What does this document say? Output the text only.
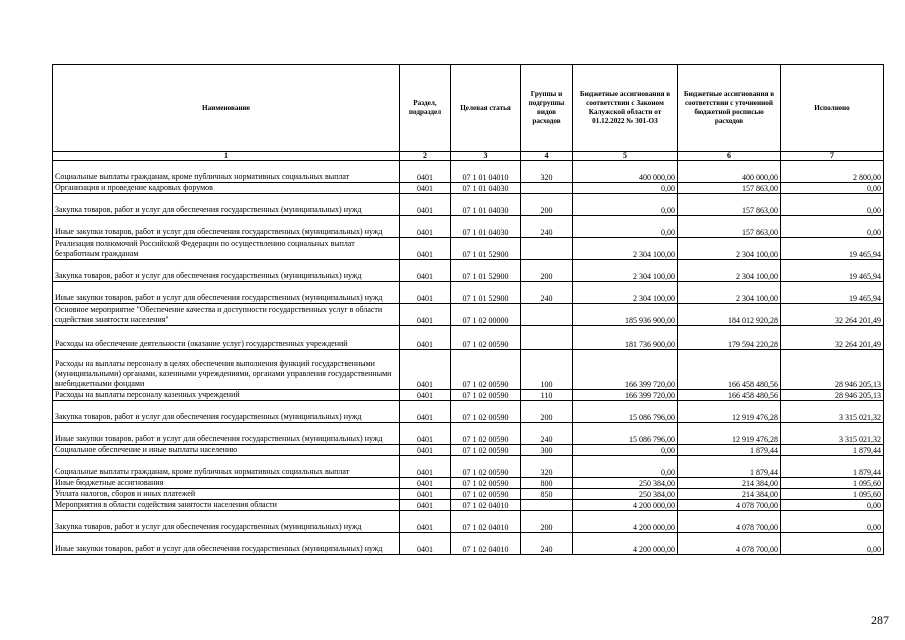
Наименование	Раздел, подраздел	Целевая статья	Группы и подгруппы видов расходов	Бюджетные ассигнования в соответствии с Законом Калужской области от 01.12.2022 № 301-ОЗ	Бюджетные ассигнования в соответствии с уточненной бюджетной росписью расходов	Исполнено
1	2	3	4	5	6	7
Социальные выплаты гражданам, кроме публичных нормативных социальных выплат	0401	07 1 01 04010	320	400 000,00	400 000,00	2 800,00
Организация и проведение кадровых форумов	0401	07 1 01 04030		0,00	157 863,00	0,00
Закупка товаров, работ и услуг для обеспечения государственных (муниципальных) нужд	0401	07 1 01 04030	200	0,00	157 863,00	0,00
Иные закупки товаров, работ и услуг для обеспечения государственных (муниципальных) нужд	0401	07 1 01 04030	240	0,00	157 863,00	0,00
Реализация полномочий Российской Федерации по осуществлению социальных выплат безработным гражданам	0401	07 1 01 52900		2 304 100,00	2 304 100,00	19 465,94
Закупка товаров, работ и услуг для обеспечения государственных (муниципальных) нужд	0401	07 1 01 52900	200	2 304 100,00	2 304 100,00	19 465,94
Иные закупки товаров, работ и услуг для обеспечения государственных (муниципальных) нужд	0401	07 1 01 52900	240	2 304 100,00	2 304 100,00	19 465,94
Основное мероприятие "Обеспечение качества и доступности государственных услуг в области содействия занятости населения"	0401	07 1 02 00000		185 936 900,00	184 012 920,28	32 264 201,49
Расходы на обеспечение деятельности (оказание услуг) государственных учреждений	0401	07 1 02 00590		181 736 900,00	179 594 220,28	32 264 201,49
Расходы на выплаты персоналу в целях обеспечения выполнения функций государственными (муниципальными) органами, казенными учреждениями, органами управления государственными внебюджетными фондами	0401	07 1 02 00590	100	166 399 720,00	166 458 480,56	28 946 205,13
Расходы на выплаты персоналу казенных учреждений	0401	07 1 02 00590	110	166 399 720,00	166 458 480,56	28 946 205,13
Закупка товаров, работ и услуг для обеспечения государственных (муниципальных) нужд	0401	07 1 02 00590	200	15 086 796,00	12 919 476,28	3 315 021,32
Иные закупки товаров, работ и услуг для обеспечения государственных (муниципальных) нужд	0401	07 1 02 00590	240	15 086 796,00	12 919 476,28	3 315 021,32
Социальное обеспечение и иные выплаты населению	0401	07 1 02 00590	300	0,00	1 879,44	1 879,44
Социальные выплаты гражданам, кроме публичных нормативных социальных выплат	0401	07 1 02 00590	320	0,00	1 879,44	1 879,44
Иные бюджетные ассигнования	0401	07 1 02 00590	800	250 384,00	214 384,00	1 095,60
Уплата налогов, сборов и иных платежей	0401	07 1 02 00590	850	250 384,00	214 384,00	1 095,60
Мероприятия в области содействия занятости населения области	0401	07 1 02 04010		4 200 000,00	4 078 700,00	0,00
Закупка товаров, работ и услуг для обеспечения государственных (муниципальных) нужд	0401	07 1 02 04010	200	4 200 000,00	4 078 700,00	0,00
Иные закупки товаров, работ и услуг для обеспечения государственных (муниципальных) нужд	0401	07 1 02 04010	240	4 200 000,00	4 078 700,00	0,00
287
